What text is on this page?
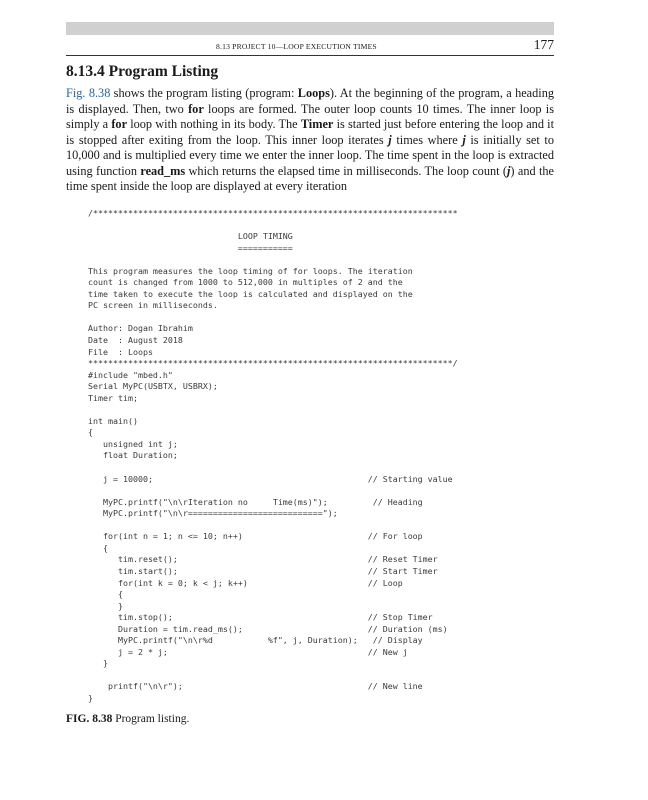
8.13 PROJECT 10—LOOP EXECUTION TIMES	177
8.13.4 Program Listing

Fig. 8.38 shows the program listing (program: Loops). At the beginning of the program, a heading is displayed. Then, two for loops are formed. The outer loop counts 10 times. The inner loop is simply a for loop with nothing in its body. The Timer is started just before entering the loop and it is stopped after exiting from the loop. This inner loop iterates j times where j is initially set to 10,000 and is multiplied every time we enter the inner loop. The time spent in the loop is extracted using function read_ms which returns the elapsed time in milliseconds. The loop count (j) and the time spent inside the loop are displayed at every iteration

/*************************************************************************
LOOP TIMING
===========
This program measures the loop timing of for loops. The iteration
count is changed from 1000 to 512,000 in multiples of 2 and the
time taken to execute the loop is calculated and displayed on the
PC screen in milliseconds.
Author: Dogan Ibrahim
Date  : August 2018
File  : Loops
*************************************************************************/
#include "mbed.h"
Serial MyPC(USBTX, USBRX);
Timer tim;
int main()
{
unsigned int j;
float Duration;
j = 10000;                                           // Starting value
MyPC.printf("\n\rIteration no     Time(ms)");         // Heading
MyPC.printf("\n\r===========================");
for(int n = 1; n <= 10; n++)                         // For loop
{
tim.reset();                                      // Reset Timer
tim.start();                                      // Start Timer
for(int k = 0; k < j; k++)                        // Loop
{
}
tim.stop();                                       // Stop Timer
Duration = tim.read_ms();                         // Duration (ms)
MyPC.printf("\n\r%d           %f", j, Duration);   // Display
j = 2 * j;                                        // New j
}
printf("\n\r");                                     // New line
}
FIG. 8.38 Program listing.
